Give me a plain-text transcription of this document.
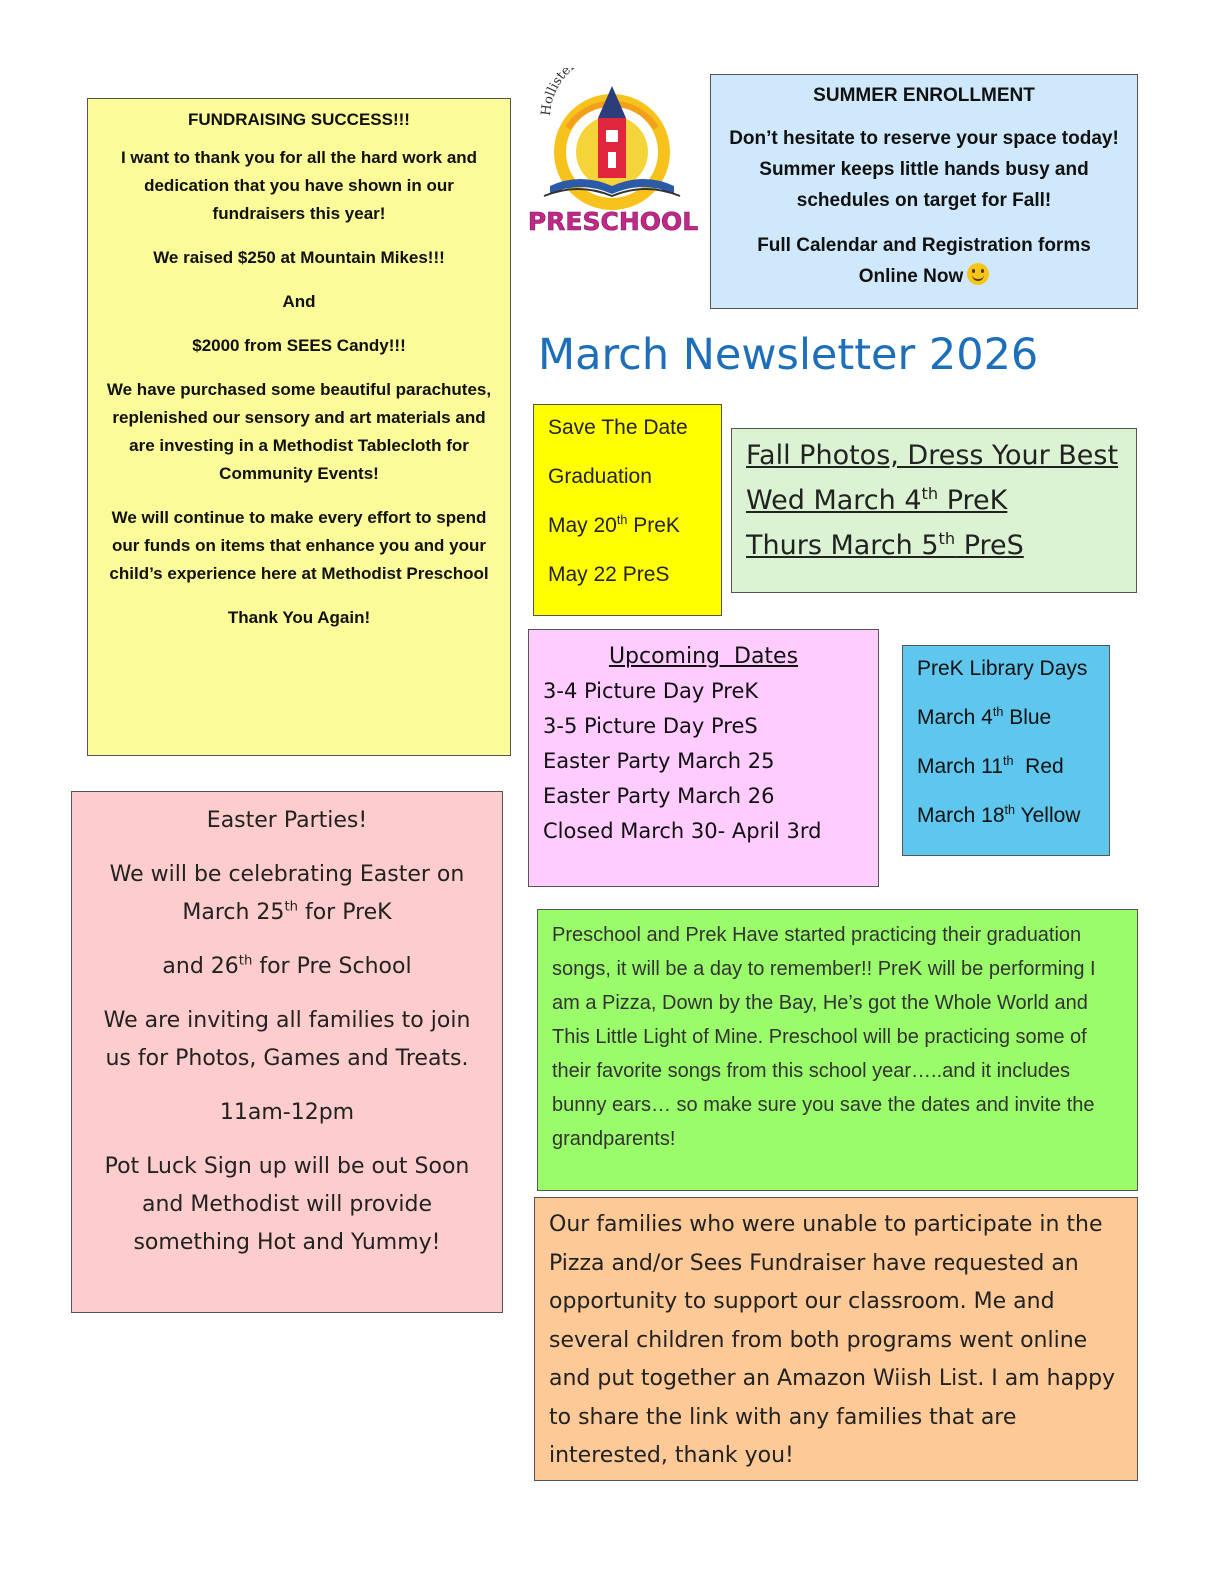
FUNDRAISING SUCCESS!!!

I want to thank you for all the hard work and dedication that you have shown in our fundraisers this year!

We raised $250 at Mountain Mikes!!!

And

$2000 from SEES Candy!!!

We have purchased some beautiful parachutes, replenished our sensory and art materials and are investing in a Methodist Tablecloth for Community Events!

We will continue to make every effort to spend our funds on items that enhance you and your child’s experience here at Methodist Preschool

Thank You Again!

Holliste
PRESCHOOL

SUMMER ENROLLMENT

Don’t hesitate to reserve your space today! Summer keeps little hands busy and schedules on target for Fall!

Full Calendar and Registration forms Online Now

March Newsletter 2026

Save The Date

Graduation

May 20th PreK

May 22 PreS

Fall Photos, Dress Your Best

Wed March 4th PreK

Thurs March 5th PreS

Upcoming  Dates

3-4 Picture Day PreK

3-5 Picture Day PreS

Easter Party March 25

Easter Party March 26

Closed March 30- April 3rd

PreK Library Days

March 4th Blue

March 11th  Red

March 18th Yellow

Easter Parties!

We will be celebrating Easter on March 25th for PreK

and 26th for Pre School

We are inviting all families to join us for Photos, Games and Treats.

11am-12pm

Pot Luck Sign up will be out Soon and Methodist will provide something Hot and Yummy!

Preschool and Prek Have started practicing their graduation songs, it will be a day to remember!! PreK will be performing I am a Pizza, Down by the Bay, He’s got the Whole World and This Little Light of Mine. Preschool will be practicing some of their favorite songs from this school year…..and it includes bunny ears… so make sure you save the dates and invite the grandparents!

Our families who were unable to participate in the Pizza and/or Sees Fundraiser have requested an opportunity to support our classroom. Me and several children from both programs went online and put together an Amazon Wiish List. I am happy to share the link with any families that are interested, thank you!
